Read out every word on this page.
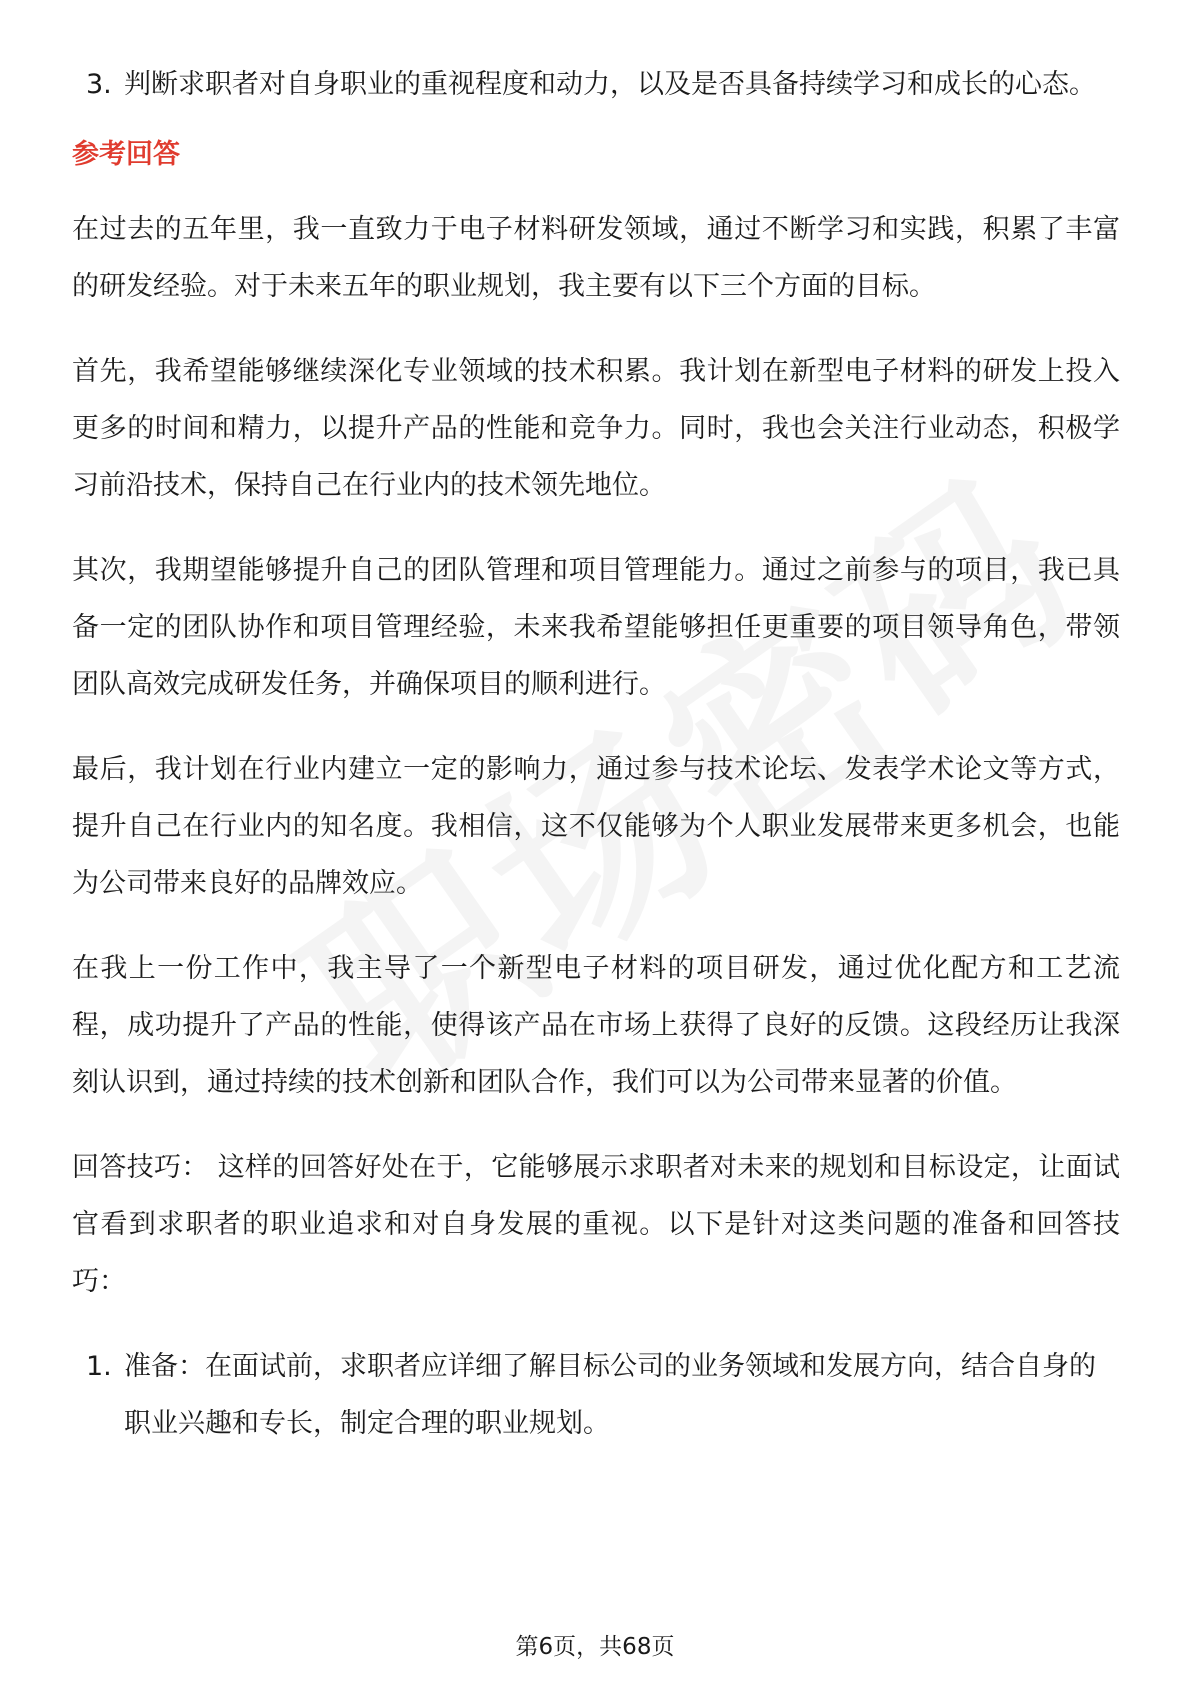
3. 判断求职者对自身职业的重视程度和动力，以及是否具备持续学习和成长的心态。
参考回答

在过去的五年里，我一直致力于电子材料研发领域，通过不断学习和实践，积累了丰富的研发经验。对于未来五年的职业规划，我主要有以下三个方面的目标。

首先，我希望能够继续深化专业领域的技术积累。我计划在新型电子材料的研发上投入更多的时间和精力，以提升产品的性能和竞争力。同时，我也会关注行业动态，积极学习前沿技术，保持自己在行业内的技术领先地位。

其次，我期望能够提升自己的团队管理和项目管理能力。通过之前参与的项目，我已具备一定的团队协作和项目管理经验，未来我希望能够担任更重要的项目领导角色，带领团队高效完成研发任务，并确保项目的顺利进行。

最后，我计划在行业内建立一定的影响力，通过参与技术论坛、发表学术论文等方式，提升自己在行业内的知名度。我相信，这不仅能够为个人职业发展带来更多机会，也能为公司带来良好的品牌效应。

在我上一份工作中，我主导了一个新型电子材料的项目研发，通过优化配方和工艺流程，成功提升了产品的性能，使得该产品在市场上获得了良好的反馈。这段经历让我深刻认识到，通过持续的技术创新和团队合作，我们可以为公司带来显著的价值。

回答技巧： 这样的回答好处在于，它能够展示求职者对未来的规划和目标设定，让面试官看到求职者的职业追求和对自身发展的重视。以下是针对这类问题的准备和回答技巧：

1. 准备：在面试前，求职者应详细了解目标公司的业务领域和发展方向，结合自身的职业兴趣和专长，制定合理的职业规划。
第6页，共68页
